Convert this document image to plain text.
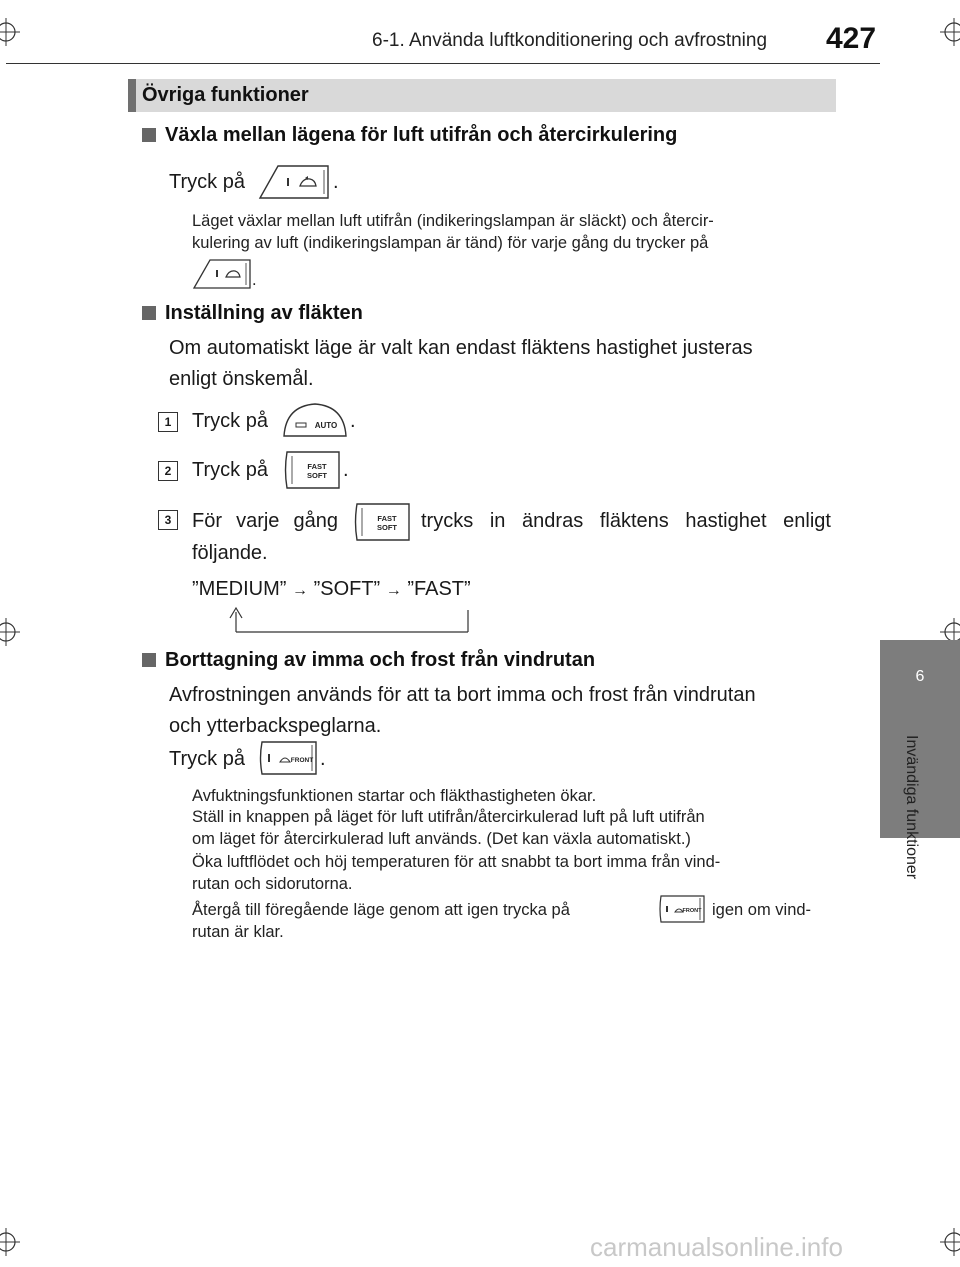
6-1. Använda luftkonditionering och avfrostning 427
6
Invändiga funktioner
Övriga funktioner
Växla mellan lägena för luft utifrån och återcirkulering
Tryck på	.
Läget växlar mellan luft utifrån (indikeringslampan är släckt) och återcir-
kulering av luft (indikeringslampan är tänd) för varje gång du trycker på
.
Inställning av fläkten
Om automatiskt läge är valt kan endast fläktens hastighet justeras
enligt önskemål.
1	Tryck på	AUTO .
2	Tryck på	FAST
SOFT .
3	För varje gång	FAST
SOFT trycks in ändras fläktens hastighet enligt
följande.
”MEDIUM” → ”SOFT” → ”FAST”
Borttagning av imma och frost från vindrutan
Avfrostningen används för att ta bort imma och frost från vindrutan
och ytterbackspeglarna.
Tryck på	FRONT .
Avfuktningsfunktionen startar och fläkthastigheten ökar.
Ställ in knappen på läget för luft utifrån/återcirkulerad luft på luft utifrån
om läget för återcirkulerad luft används. (Det kan växla automatiskt.)
Öka luftflödet och höj temperaturen för att snabbt ta bort imma från vind-
rutan och sidorutorna.
Återgå till föregående läge genom att igen trycka på	FRONT igen om vind-
rutan är klar.
carmanualsonline.info
